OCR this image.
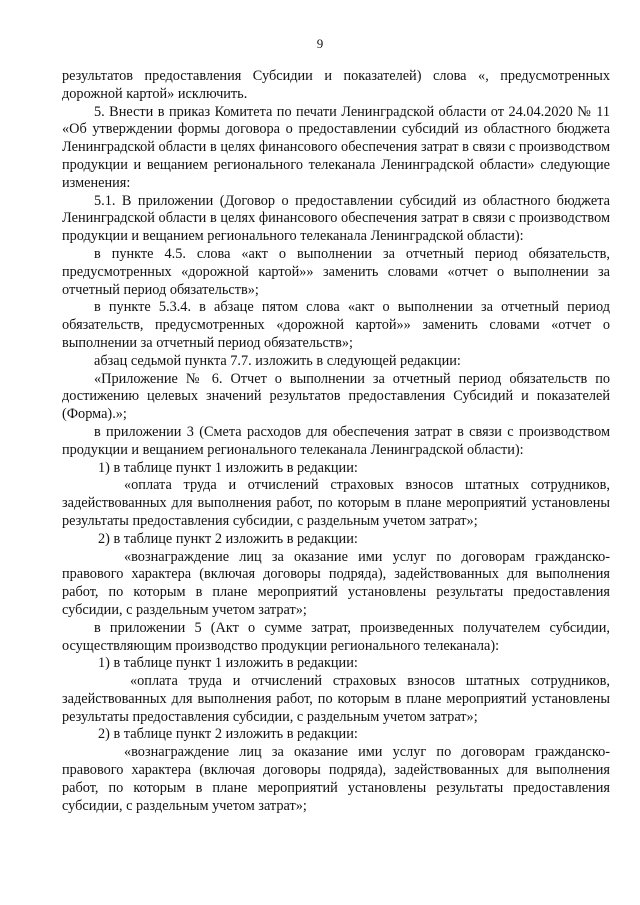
9

результатов предоставления Субсидии и показателей) слова «, предусмотренных дорожной картой» исключить.

5. Внести в приказ Комитета по печати Ленинградской области от 24.04.2020 № 11 «Об утверждении формы договора о предоставлении субсидий из областного бюджета Ленинградской области в целях финансового обеспечения затрат в связи с производством продукции и вещанием регионального телеканала Ленинградской области» следующие изменения:

5.1. В приложении (Договор о предоставлении субсидий из областного бюджета Ленинградской области в целях финансового обеспечения затрат в связи с производством продукции и вещанием регионального телеканала Ленинградской области):

в пункте 4.5. слова «акт о выполнении за отчетный период обязательств, предусмотренных «дорожной картой»» заменить словами «отчет о выполнении за отчетный период обязательств»;

в пункте 5.3.4. в абзаце пятом слова «акт о выполнении за отчетный период обязательств, предусмотренных «дорожной картой»» заменить словами «отчет о выполнении за отчетный период обязательств»;

абзац седьмой пункта 7.7. изложить в следующей редакции:

«Приложение № 6. Отчет о выполнении за отчетный период обязательств по достижению целевых значений результатов предоставления Субсидий и показателей (Форма).»;

в приложении 3 (Смета расходов для обеспечения затрат в связи с производством продукции и вещанием регионального телеканала Ленинградской области):

1) в таблице пункт 1 изложить в редакции:

«оплата труда и отчислений страховых взносов штатных сотрудников, задействованных для выполнения работ, по которым в плане мероприятий установлены результаты предоставления субсидии, с раздельным учетом затрат»;

2) в таблице пункт 2 изложить в редакции:

«вознаграждение лиц за оказание ими услуг по договорам гражданско-правового характера (включая договоры подряда), задействованных для выполнения работ, по которым в плане мероприятий установлены результаты предоставления субсидии, с раздельным учетом затрат»;

в приложении 5 (Акт о сумме затрат, произведенных получателем субсидии, осуществляющим производство продукции регионального телеканала):

1) в таблице пункт 1 изложить в редакции:

«оплата труда и отчислений страховых взносов штатных сотрудников, задействованных для выполнения работ, по которым в плане мероприятий установлены результаты предоставления субсидии, с раздельным учетом затрат»;

2) в таблице пункт 2 изложить в редакции:

«вознаграждение лиц за оказание ими услуг по договорам гражданско-правового характера (включая договоры подряда), задействованных для выполнения работ, по которым в плане мероприятий установлены результаты предоставления субсидии, с раздельным учетом затрат»;
